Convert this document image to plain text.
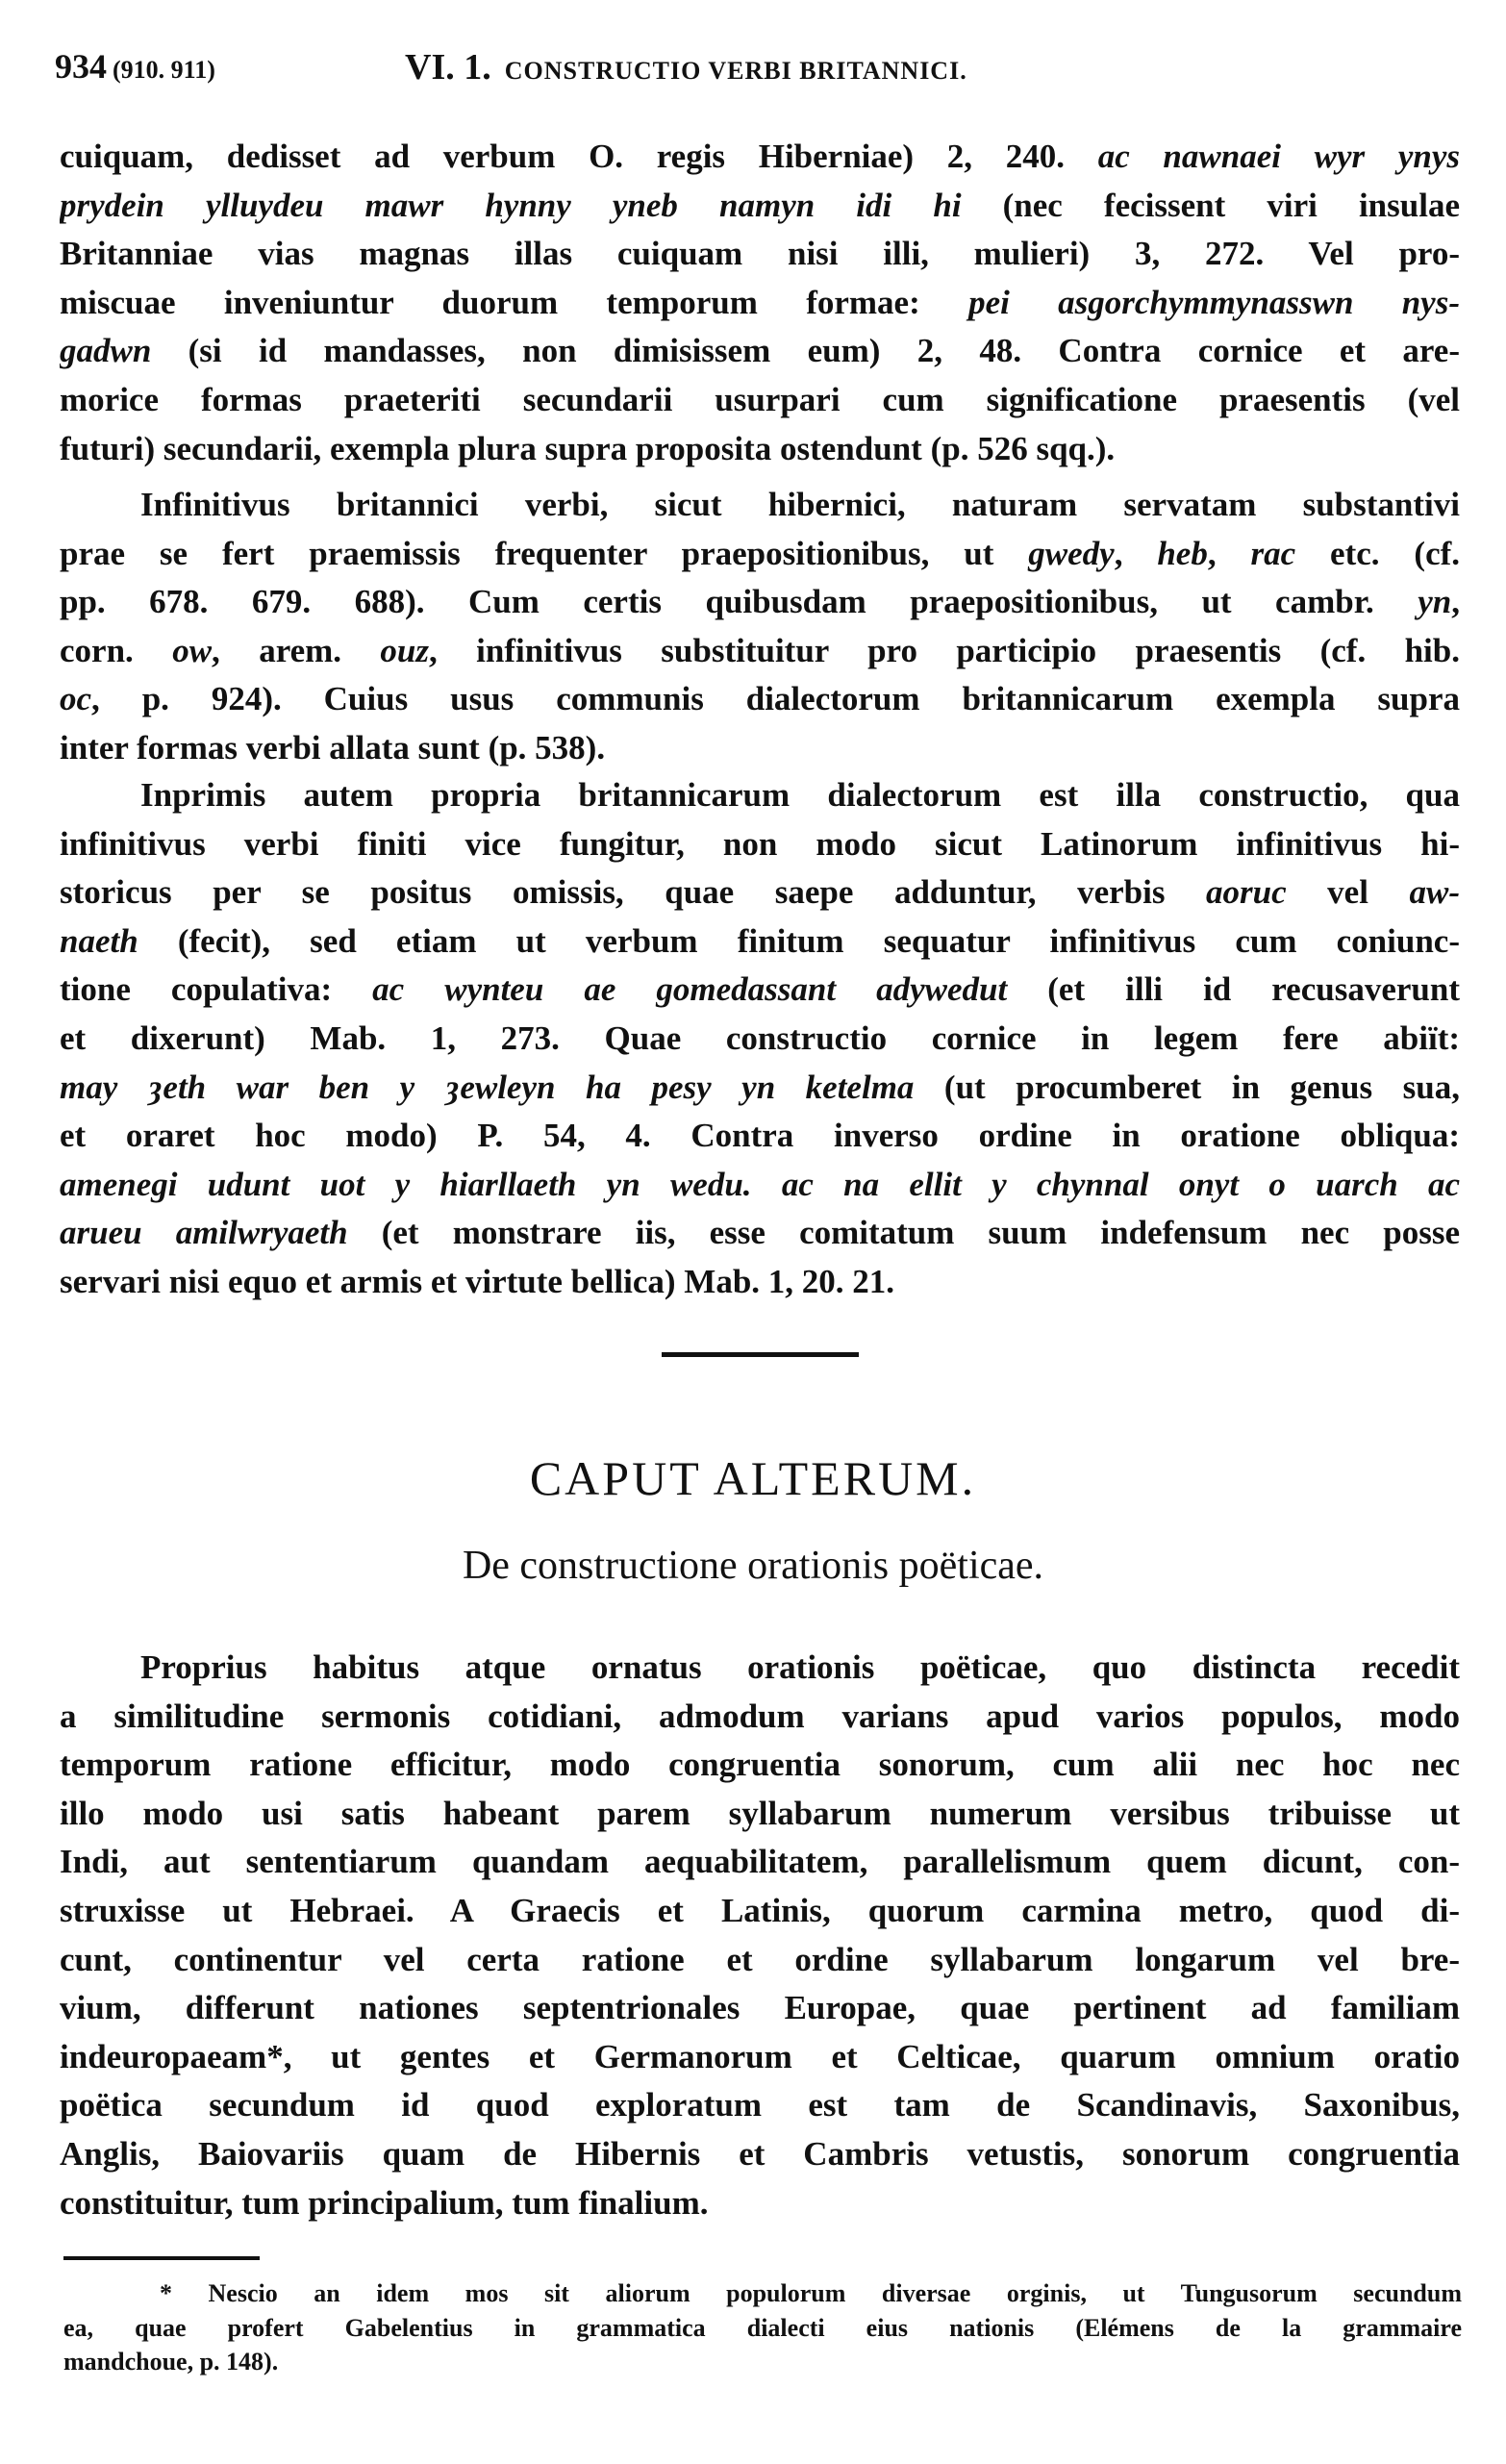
934 (910. 911)	VI. 1. CONSTRUCTIO VERBI BRITANNICI.
cuiquam, dedisset ad verbum O. regis Hiberniae) 2, 240. ac nawnaei wyr ynys
prydein ylluydeu mawr hynny yneb namyn idi hi (nec fecissent viri insulae
Britanniae vias magnas illas cuiquam nisi illi, mulieri) 3, 272. Vel pro-
miscuae inveniuntur duorum temporum formae: pei asgorchymmynasswn nys-
gadwn (si id mandasses, non dimisissem eum) 2, 48. Contra cornice et are-
morice formas praeteriti secundarii usurpari cum significatione praesentis (vel
futuri) secundarii, exempla plura supra proposita ostendunt (p. 526 sqq.).
Infinitivus britannici verbi, sicut hibernici, naturam servatam substantivi
prae se fert praemissis frequenter praepositionibus, ut gwedy, heb, rac etc. (cf.
pp. 678. 679. 688). Cum certis quibusdam praepositionibus, ut cambr. yn,
corn. ow, arem. ouz, infinitivus substituitur pro participio praesentis (cf. hib.
oc, p. 924). Cuius usus communis dialectorum britannicarum exempla supra
inter formas verbi allata sunt (p. 538).
Inprimis autem propria britannicarum dialectorum est illa constructio, qua
infinitivus verbi finiti vice fungitur, non modo sicut Latinorum infinitivus hi-
storicus per se positus omissis, quae saepe adduntur, verbis aoruc vel aw-
naeth (fecit), sed etiam ut verbum finitum sequatur infinitivus cum coniunc-
tione copulativa: ac wynteu ae gomedassant adywedut (et illi id recusaverunt
et dixerunt) Mab. 1, 273. Quae constructio cornice in legem fere abiït:
may ȝeth war ben y ȝewleyn ha pesy yn ketelma (ut procumberet in genus sua,
et oraret hoc modo) P. 54, 4. Contra inverso ordine in oratione obliqua:
amenegi udunt uot y hiarllaeth yn wedu. ac na ellit y chynnal onyt o uarch ac
arueu amilwryaeth (et monstrare iis, esse comitatum suum indefensum nec posse
servari nisi equo et armis et virtute bellica) Mab. 1, 20. 21.
CAPUT ALTERUM.
De constructione orationis poëticae.
Proprius habitus atque ornatus orationis poëticae, quo distincta recedit
a similitudine sermonis cotidiani, admodum varians apud varios populos, modo
temporum ratione efficitur, modo congruentia sonorum, cum alii nec hoc nec
illo modo usi satis habeant parem syllabarum numerum versibus tribuisse ut
Indi, aut sententiarum quandam aequabilitatem, parallelismum quem dicunt, con-
struxisse ut Hebraei. A Graecis et Latinis, quorum carmina metro, quod di-
cunt, continentur vel certa ratione et ordine syllabarum longarum vel bre-
vium, differunt nationes septentrionales Europae, quae pertinent ad familiam
indeuropaeam*, ut gentes et Germanorum et Celticae, quarum omnium oratio
poëtica secundum id quod exploratum est tam de Scandinavis, Saxonibus,
Anglis, Baiovariis quam de Hibernis et Cambris vetustis, sonorum congruentia
constituitur, tum principalium, tum finalium.
* Nescio an idem mos sit aliorum populorum diversae orginis, ut Tungusorum secundum
ea, quae profert Gabelentius in grammatica dialecti eius nationis (Elémens de la grammaire
mandchoue, p. 148).
